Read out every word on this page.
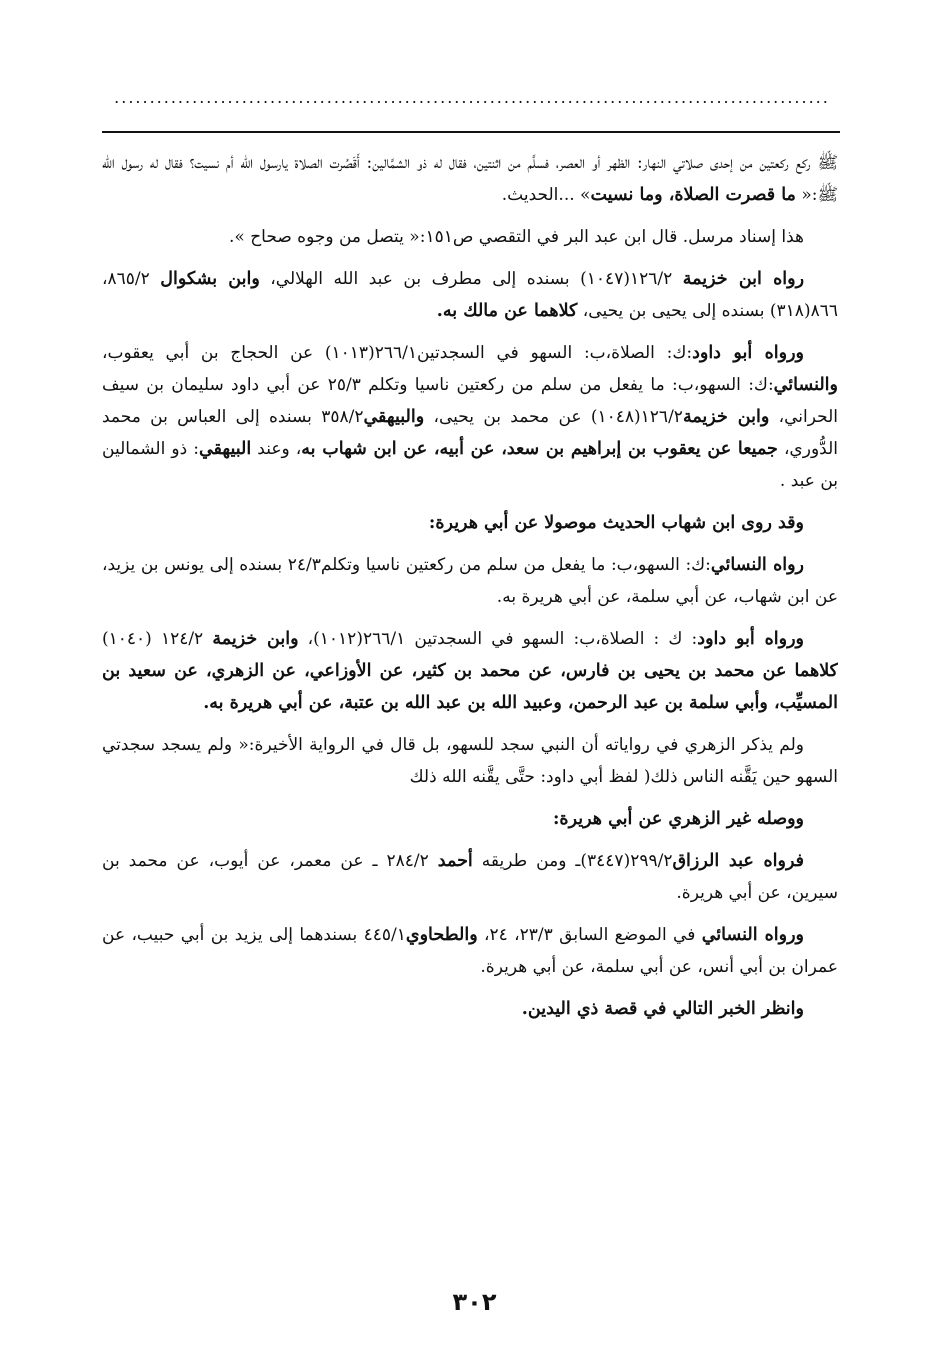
.....................................................................................................

ﷺ ركع ركعتين من إحدى صلاتي النهار: الظهر أو العصر، فسلَّم من اثنتين، فقال له ذو الشمَّالين: أَقَصُرت الصلاة يارسول الله أم نسيت؟ فقال له رسول الله ﷺ:« ما قصرت الصلاة، وما نسيت» ...الحديث.

هذا إسناد مرسل. قال ابن عبد البر في التقصي ص١٥١:« يتصل من وجوه صحاح ».

رواه ابن خزيمة ١٢٦/٢(١٠٤٧) بسنده إلى مطرف بن عبد الله الهلالي، وابن بشكوال ٨٦٥/٢، ٨٦٦(٣١٨) بسنده إلى يحيى بن يحيى، كلاهما عن مالك به.

ورواه أبو داود:ك: الصلاة،ب: السهو في السجدتين٢٦٦/١(١٠١٣) عن الحجاج بن أبي يعقوب، والنسائي:ك: السهو،ب: ما يفعل من سلم من ركعتين ناسيا وتكلم ٢٥/٣ عن أبي داود سليمان بن سيف الحراني، وابن خزيمة١٢٦/٢(١٠٤٨) عن محمد بن يحيى، والبيهقي٣٥٨/٢ بسنده إلى العباس بن محمد الدُّوري، جميعا عن يعقوب بن إبراهيم بن سعد، عن أبيه، عن ابن شهاب به، وعند البيهقي: ذو الشمالين بن عبد .

وقد روى ابن شهاب الحديث موصولا عن أبي هريرة:

رواه النسائي:ك: السهو،ب: ما يفعل من سلم من ركعتين ناسيا وتكلم٢٤/٣ بسنده إلى يونس بن يزيد، عن ابن شهاب، عن أبي سلمة، عن أبي هريرة به.

ورواه أبو داود: ك : الصلاة،ب: السهو في السجدتين ٢٦٦/١(١٠١٢)، وابن خزيمة ١٢٤/٢ (١٠٤٠) كلاهما عن محمد بن يحيى بن فارس، عن محمد بن كثير، عن الأوزاعي، عن الزهري، عن سعيد بن المسيِّب، وأبي سلمة بن عبد الرحمن، وعبيد الله بن عبد الله بن عتبة، عن أبي هريرة به.

ولم يذكر الزهري في رواياته أن النبي سجد للسهو، بل قال في الرواية الأخيرة:« ولم يسجد سجدتي السهو حين يَقَّنه الناس ذلك( لفظ أبي داود: حتَّى يقَّنه الله ذلك

ووصله غير الزهري عن أبي هريرة:

فرواه عبد الرزاق٢٩٩/٢(٣٤٤٧)ـ ومن طريقه أحمد ٢٨٤/٢ ـ عن معمر، عن أيوب، عن محمد بن سيرين، عن أبي هريرة.

ورواه النسائي في الموضع السابق ٢٣/٣، ٢٤، والطحاوي٤٤٥/١ بسندهما إلى يزيد بن أبي حبيب، عن عمران بن أبي أنس، عن أبي سلمة، عن أبي هريرة.

وانظر الخبر التالي في قصة ذي اليدين.

٣٠٢
